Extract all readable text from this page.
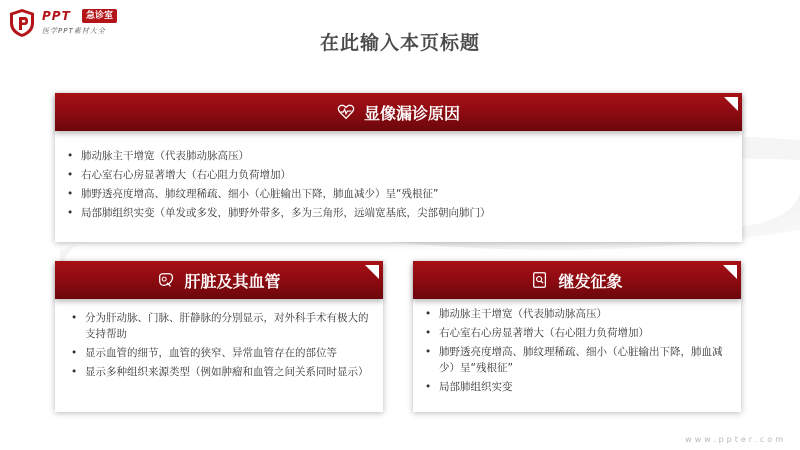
PPT	急诊室
医学PPT素材大全
在此输入本页标题
显像漏诊原因
• 肺动脉主干增宽（代表肺动脉高压）
• 右心室右心房显著增大（右心阻力负荷增加）
• 肺野透亮度增高、肺纹理稀疏、细小（心脏输出下降，肺血减少）呈“残根征”
• 局部肺组织实变（单发或多发，肺野外带多，多为三角形，远端宽基底，尖部朝向肺门）
肝脏及其血管
• 分为肝动脉、门脉、肝静脉的分别显示，对外科手术有极大的支持帮助
• 显示血管的细节，血管的狭窄、异常血管存在的部位等
• 显示多种组织来源类型（例如肿瘤和血管之间关系同时显示）
继发征象
• 肺动脉主干增宽（代表肺动脉高压）
• 右心室右心房显著增大（右心阻力负荷增加）
• 肺野透亮度增高、肺纹理稀疏、细小（心脏输出下降，肺血减少）呈“残根征”
• 局部肺组织实变
www.ppter.com
